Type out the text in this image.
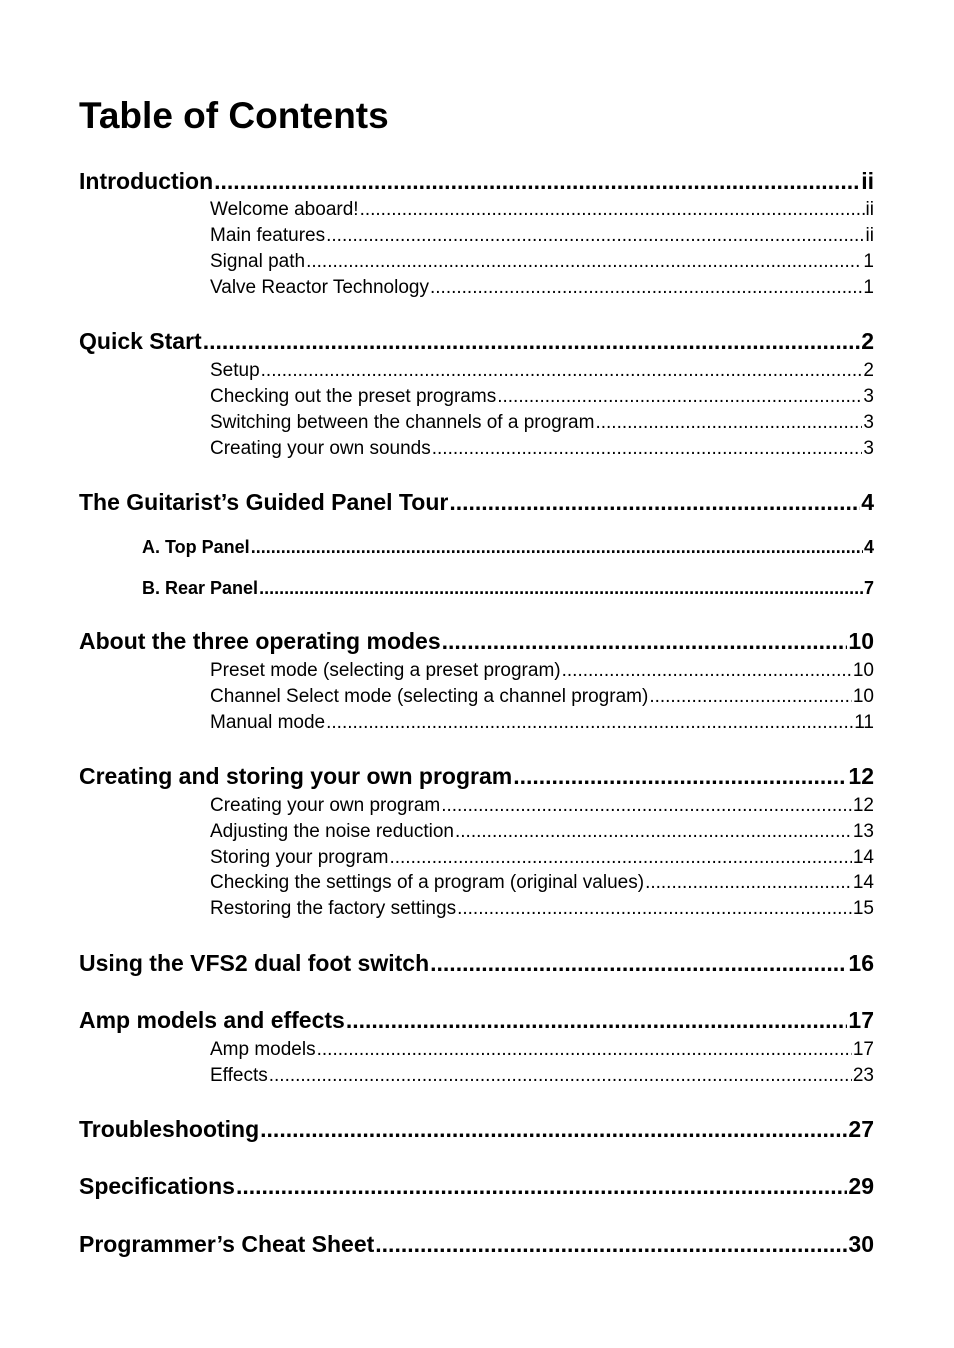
Table of Contents
Introduction .....	ii
Welcome aboard! .....	ii
Main features .....	ii
Signal path .....	1
Valve Reactor Technology .....	1
Quick Start .....	2
Setup .....	2
Checking out the preset programs .....	3
Switching between the channels of a program .....	3
Creating your own sounds .....	3
The Guitarist’s Guided Panel Tour .....	4
A. Top Panel .....	4
B. Rear Panel .....	7
About the three operating modes .....	10
Preset mode (selecting a preset program) .....	10
Channel Select mode (selecting a channel program) .....	10
Manual mode .....	11
Creating and storing your own program .....	12
Creating your own program .....	12
Adjusting the noise reduction .....	13
Storing your program .....	14
Checking the settings of a program (original values) .....	14
Restoring the factory settings .....	15
Using the VFS2 dual foot switch .....	16
Amp models and effects .....	17
Amp models .....	17
Effects .....	23
Troubleshooting .....	27
Specifications .....	29
Programmer’s Cheat Sheet .....	30
